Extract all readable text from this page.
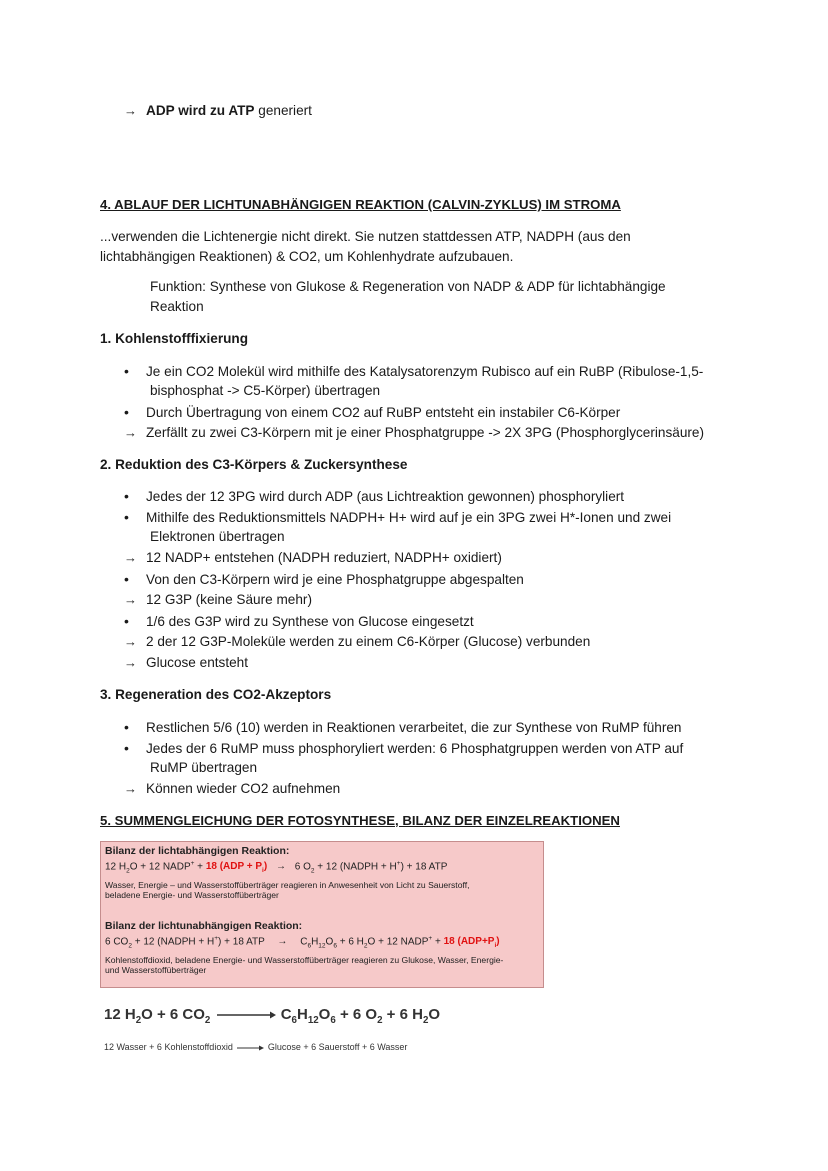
→ ADP wird zu ATP generiert
4. ABLAUF DER LICHTUNABHÄNGIGEN REAKTION (CALVIN-ZYKLUS) IM STROMA
...verwenden die Lichtenergie nicht direkt. Sie nutzen stattdessen ATP, NADPH (aus den
lichtabhängigen Reaktionen) & CO2, um Kohlenhydrate aufzubauen.
Funktion: Synthese von Glukose & Regeneration von NADP & ADP für lichtabhängige
Reaktion
1. Kohlenstofffixierung
• Je ein CO2 Molekül wird mithilfe des Katalysatorenzym Rubisco auf ein RuBP (Ribulose-1,5-
bisphosphat -> C5-Körper) übertragen
• Durch Übertragung von einem CO2 auf RuBP entsteht ein instabiler C6-Körper
→ Zerfällt zu zwei C3-Körpern mit je einer Phosphatgruppe -> 2X 3PG (Phosphorglycerinsäure)
2. Reduktion des C3-Körpers & Zuckersynthese
• Jedes der 12 3PG wird durch ADP (aus Lichtreaktion gewonnen) phosphoryliert
• Mithilfe des Reduktionsmittels NADPH+ H+ wird auf je ein 3PG zwei H*-Ionen und zwei
Elektronen übertragen
→ 12 NADP+ entstehen (NADPH reduziert, NADPH+ oxidiert)
• Von den C3-Körpern wird je eine Phosphatgruppe abgespalten
→ 12 G3P (keine Säure mehr)
• 1/6 des G3P wird zu Synthese von Glucose eingesetzt
→ 2 der 12 G3P-Moleküle werden zu einem C6-Körper (Glucose) verbunden
→ Glucose entsteht
3. Regeneration des CO2-Akzeptors
• Restlichen 5/6 (10) werden in Reaktionen verarbeitet, die zur Synthese von RuMP führen
• Jedes der 6 RuMP muss phosphoryliert werden: 6 Phosphatgruppen werden von ATP auf
RuMP übertragen
→ Können wieder CO2 aufnehmen
5. SUMMENGLEICHUNG DER FOTOSYNTHESE, BILANZ DER EINZELREAKTIONEN
Bilanz der lichtabhängigen Reaktion:
12 $H_2O + 12$ NADP+ + 18 $(ADP + P_i) \to 6$ $O_2 + 12$ (NADPH + H+) + 18 ATP
Wasser, Energie – und Wasserstoffüberträger reagieren in Anwesenheit von Licht zu Sauerstoff,
beladene Energie- und Wasserstoffüberträger
Bilanz der lichtunabhängigen Reaktion:
6 $CO_2 + 12$ (NADPH + H+) + 18 ATP → $C_6H_{12}O_6 + 6$ $H_2O + 12$ NADP+ + 18 $(ADP+P_i)$
Kohlenstoffdioxid, beladene Energie- und Wasserstoffüberträger reagieren zu Glukose, Wasser, Energie-
und Wasserstoffüberträger
12 $H_2O + 6$ $CO_2$	$C_6H_{12}O_6 + 6$ $O_2 + 6$ $H_2O$
12 Wasser + 6 Kohlenstoffdioxid	Glucose + 6 Sauerstoff + 6 Wasser
